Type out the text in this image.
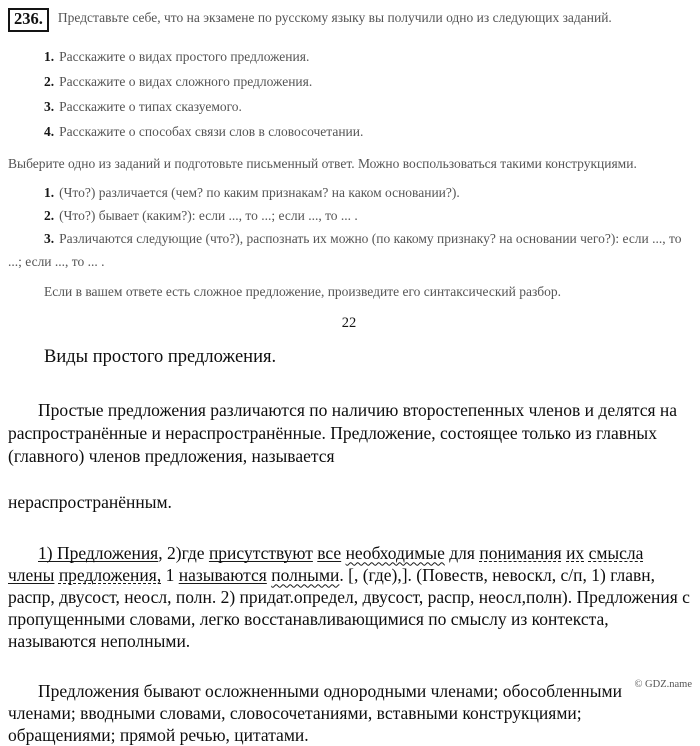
236. Представьте себе, что на экзамене по русскому языку вы получили одно из следующих заданий.

1. Расскажите о видах простого предложения.
2. Расскажите о видах сложного предложения.
3. Расскажите о типах сказуемого.
4. Расскажите о способах связи слов в словосочетании.

Выберите одно из заданий и подготовьте письменный ответ. Можно воспользоваться такими конструкциями.

1. (Что?) различается (чем? по каким признакам? на каком основании?).
2. (Что?) бывает (каким?): если ..., то ...; если ..., то ... .
3. Различаются следующие (что?), распознать их можно (по какому признаку? на основании чего?): если ..., то ...; если ..., то ... .

Если в вашем ответе есть сложное предложение, произведите его синтаксический разбор.

22
Виды простого предложения.

Простые предложения различаются по наличию второстепенных членов и делятся на распространённые и нераспространённые. Предложение, состоящее только из главных (главного) членов предложения, называется

нераспространённым.

1) Предложения, 2)где присутствуют все необходимые для понимания их смысла члены предложения, 1 называются полными. [, (где),]. (Повеств, невоскл, с/п, 1) главн, распр, двусост, неосл, полн. 2) придат.определ, двусост, распр, неосл,полн). Предложения с пропущенными словами, легко восстанавливающимися по смыслу из контекста, называются неполными.

Предложения бывают осложненными однородными членами; обособленными членами; вводными словами, словосочетаниями, вставными конструкциями; обращениями; прямой речью, цитатами.

© GDZ.name
